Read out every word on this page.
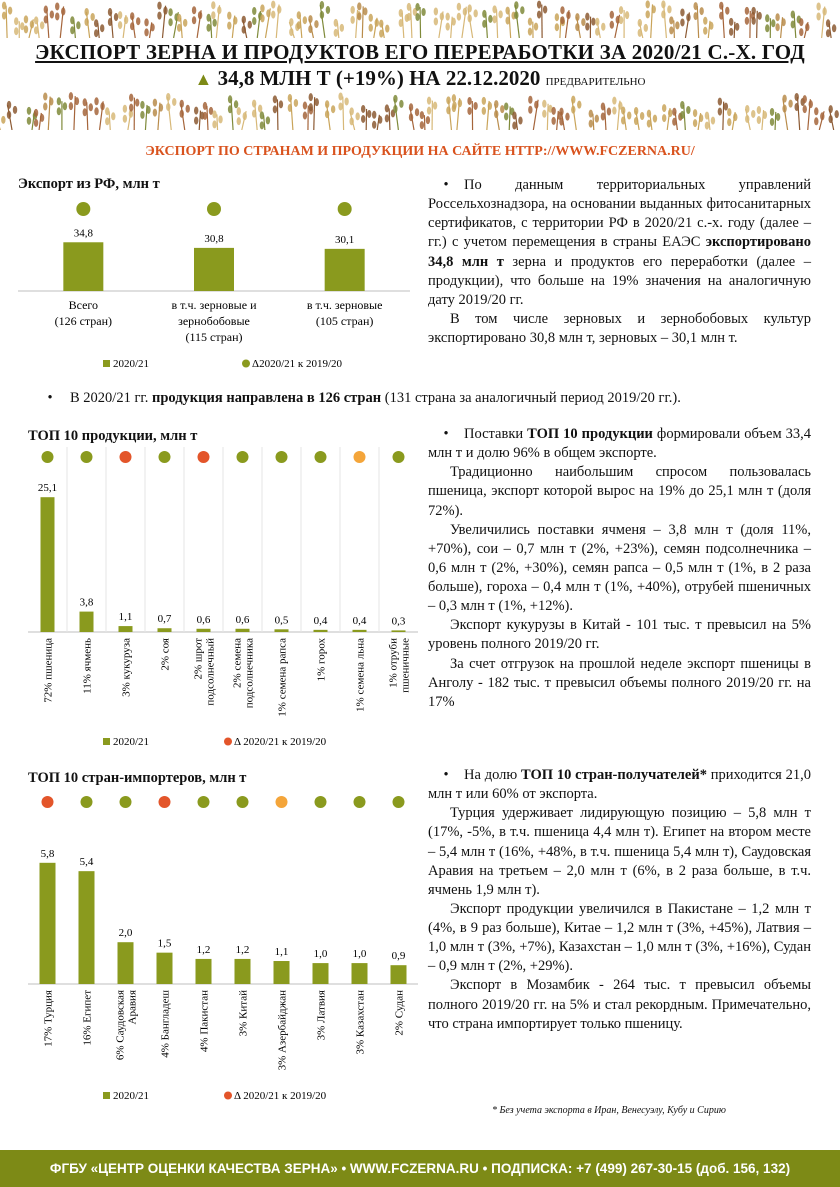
ЭКСПОРТ ЗЕРНА И ПРОДУКТОВ ЕГО ПЕРЕРАБОТКИ ЗА 2020/21 С.-Х. ГОД
▲ 34,8 МЛН Т (+19%) НА 22.12.2020 ПРЕДВАРИТЕЛЬНО
ЭКСПОРТ ПО СТРАНАМ И ПРОДУКЦИИ НА САЙТЕ HTTP://WWW.FCZERNA.RU/
Экспорт из РФ, млн т
34,8
Всего (126 стран)
30,8
в т.ч. зерновые и зернобобовые (115 стран)
30,1
в т.ч. зерновые (105 стран)
2020/21	Δ2020/21 к 2019/20

• По данным территориальных управлений Россельхознадзора, на основании выданных фитосанитарных сертификатов, с территории РФ в 2020/21 с.-х. году (далее – гг.) с учетом перемещения в страны ЕАЭС экспортировано 34,8 млн т зерна и продуктов его переработки (далее – продукции), что больше на 19% значения на аналогичную дату 2019/20 гг.

В том числе зерновых и зернобобовых культур экспортировано 30,8 млн т, зерновых – 30,1 млн т.

• В 2020/21 гг. продукция направлена в 126 стран (131 страна за аналогичный период 2019/20 гг.).
ТОП 10 продукции, млн т
25,1
72% пшеница
3,8
11% ячмень
1,1
3% кукуруза
0,7
2% соя
0,6
2% шротподсолнечный
0,6
2% семенаподсолнечника
0,5
1% семена рапса
0,4
1% горох
0,4
1% семена льна
0,3
1% отрубипшеничные
2020/21	Δ 2020/21 к 2019/20

• Поставки ТОП 10 продукции формировали объем 33,4 млн т и долю 96% в общем экспорте.

Традиционно наибольшим спросом пользовалась пшеница, экспорт которой вырос на 19% до 25,1 млн т (доля 72%).

Увеличились поставки ячменя – 3,8 млн т (доля 11%, +70%), сои – 0,7 млн т (2%, +23%), семян подсолнечника – 0,6 млн т (2%, +30%), семян рапса – 0,5 млн т (1%, в 2 раза больше), гороха – 0,4 млн т (1%, +40%), отрубей пшеничных – 0,3 млн т (1%, +12%).

Экспорт кукурузы в Китай - 101 тыс. т превысил на 5% уровень полного 2019/20 гг.

За счет отгрузок на прошлой неделе экспорт пшеницы в Анголу - 182 тыс. т превысил объемы полного 2019/20 гг. на 17%

ТОП 10 стран-импортеров, млн т
5,8
17% Турция
5,4
16% Египет
2,0
6% СаудовскаяАравия
1,5
4% Бангладеш
1,2
4% Пакистан
1,2
3% Китай
1,1
3% Азербайджан
1,0
3% Латвия
1,0
3% Казахстан
0,9
2% Судан
2020/21	Δ 2020/21 к 2019/20

• На долю ТОП 10 стран-получателей* приходится 21,0 млн т или 60% от экспорта.

Турция удерживает лидирующую позицию – 5,8 млн т (17%, -5%, в т.ч. пшеница 4,4 млн т). Египет на втором месте – 5,4 млн т (16%, +48%, в т.ч. пшеница 5,4 млн т), Саудовская Аравия на третьем – 2,0 млн т (6%, в 2 раза больше, в т.ч. ячмень 1,9 млн т).

Экспорт продукции увеличился в Пакистане – 1,2 млн т (4%, в 9 раз больше), Китае – 1,2 млн т (3%, +45%), Латвия – 1,0 млн т (3%, +7%), Казахстан – 1,0 млн т (3%, +16%), Судан – 0,9 млн т (2%, +29%).

Экспорт в Мозамбик - 264 тыс. т превысил объемы полного 2019/20 гг. на 5% и стал рекордным. Примечательно, что страна импортирует только пшеницу.

* Без учета экспорта в Иран, Венесуэлу, Кубу и Сирию
ФГБУ «ЦЕНТР ОЦЕНКИ КАЧЕСТВА ЗЕРНА» • WWW.FCZERNA.RU • ПОДПИСКА: +7 (499) 267-30-15 (доб. 156, 132)
